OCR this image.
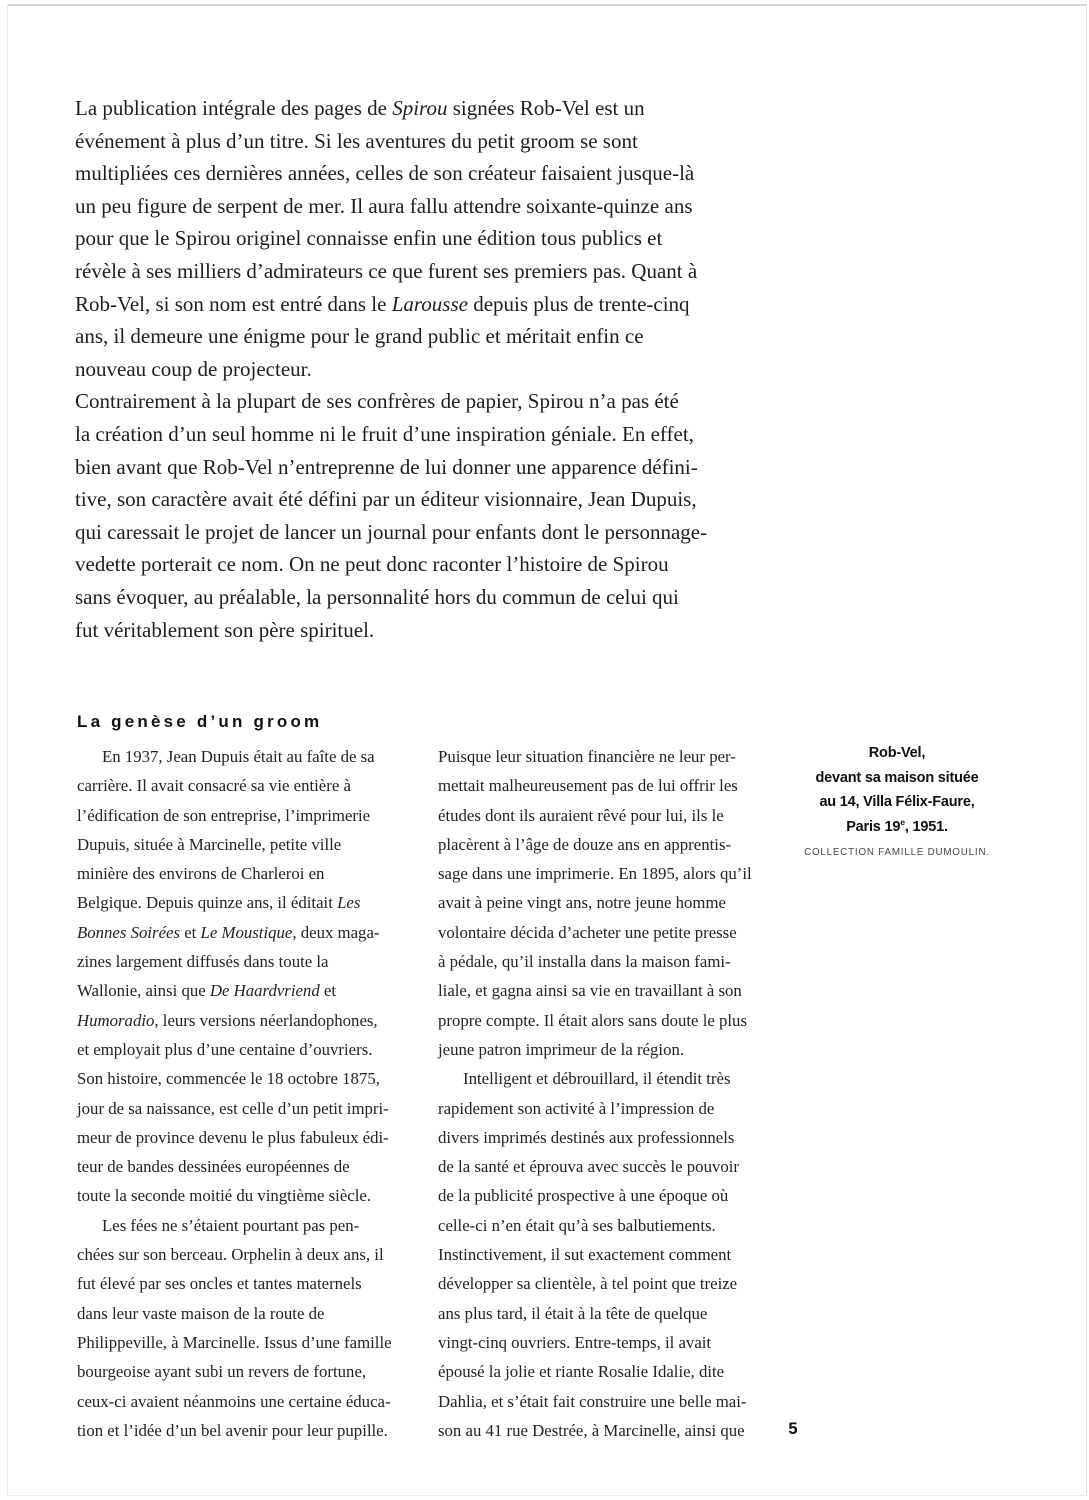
La publication intégrale des pages de Spirou signées Rob-Vel est un
événement à plus d’un titre. Si les aventures du petit groom se sont
multipliées ces dernières années, celles de son créateur faisaient jusque-là
un peu figure de serpent de mer. Il aura fallu attendre soixante-quinze ans
pour que le Spirou originel connaisse enfin une édition tous publics et
révèle à ses milliers d’admirateurs ce que furent ses premiers pas. Quant à
Rob-Vel, si son nom est entré dans le Larousse depuis plus de trente-cinq
ans, il demeure une énigme pour le grand public et méritait enfin ce
nouveau coup de projecteur.
Contrairement à la plupart de ses confrères de papier, Spirou n’a pas été
la création d’un seul homme ni le fruit d’une inspiration géniale. En effet,
bien avant que Rob-Vel n’entreprenne de lui donner une apparence défini-
tive, son caractère avait été défini par un éditeur visionnaire, Jean Dupuis,
qui caressait le projet de lancer un journal pour enfants dont le personnage-
vedette porterait ce nom. On ne peut donc raconter l’histoire de Spirou
sans évoquer, au préalable, la personnalité hors du commun de celui qui
fut véritablement son père spirituel.
La genèse d’un groom
En 1937, Jean Dupuis était au faîte de sa
carrière. Il avait consacré sa vie entière à
l’édification de son entreprise, l’imprimerie
Dupuis, située à Marcinelle, petite ville
minière des environs de Charleroi en
Belgique. Depuis quinze ans, il éditait Les
Bonnes Soirées et Le Moustique, deux maga-
zines largement diffusés dans toute la
Wallonie, ainsi que De Haardvriend et
Humoradio, leurs versions néerlandophones,
et employait plus d’une centaine d’ouvriers.
Son histoire, commencée le 18 octobre 1875,
jour de sa naissance, est celle d’un petit impri-
meur de province devenu le plus fabuleux édi-
teur de bandes dessinées européennes de
toute la seconde moitié du vingtième siècle.
Les fées ne s’étaient pourtant pas pen-
chées sur son berceau. Orphelin à deux ans, il
fut élevé par ses oncles et tantes maternels
dans leur vaste maison de la route de
Philippeville, à Marcinelle. Issus d’une famille
bourgeoise ayant subi un revers de fortune,
ceux-ci avaient néanmoins une certaine éduca-
tion et l’idée d’un bel avenir pour leur pupille.
Puisque leur situation financière ne leur per-
mettait malheureusement pas de lui offrir les
études dont ils auraient rêvé pour lui, ils le
placèrent à l’âge de douze ans en apprentis-
sage dans une imprimerie. En 1895, alors qu’il
avait à peine vingt ans, notre jeune homme
volontaire décida d’acheter une petite presse
à pédale, qu’il installa dans la maison fami-
liale, et gagna ainsi sa vie en travaillant à son
propre compte. Il était alors sans doute le plus
jeune patron imprimeur de la région.
Intelligent et débrouillard, il étendit très
rapidement son activité à l’impression de
divers imprimés destinés aux professionnels
de la santé et éprouva avec succès le pouvoir
de la publicité prospective à une époque où
celle-ci n’en était qu’à ses balbutiements.
Instinctivement, il sut exactement comment
développer sa clientèle, à tel point que treize
ans plus tard, il était à la tête de quelque
vingt-cinq ouvriers. Entre-temps, il avait
épousé la jolie et riante Rosalie Idalie, dite
Dahlia, et s’était fait construire une belle mai-
son au 41 rue Destrée, à Marcinelle, ainsi que
Rob-Vel,
devant sa maison située
au 14, Villa Félix-Faure,
Paris 19e, 1951.
COLLECTION FAMILLE DUMOULIN.
5
